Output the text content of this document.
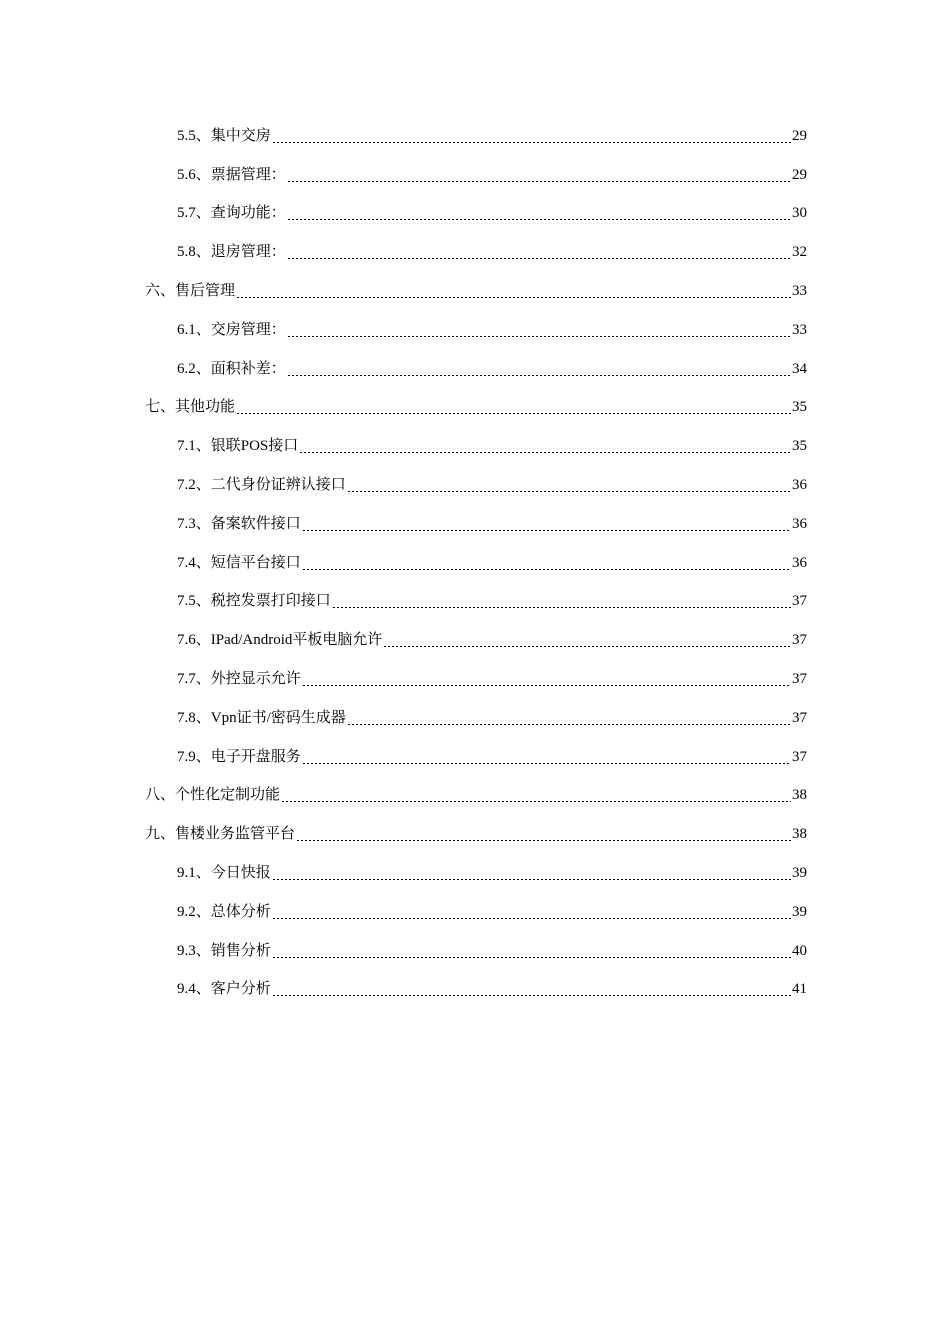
5.5、集中交房	29
5.6、票据管理：	29
5.7、查询功能：	30
5.8、退房管理：	32
六、售后管理	33
6.1、交房管理：	33
6.2、面积补差：	34
七、其他功能	35
7.1、银联POS接口	35
7.2、二代身份证辨认接口	36
7.3、备案软件接口	36
7.4、短信平台接口	36
7.5、税控发票打印接口	37
7.6、IPad/Android平板电脑允许	37
7.7、外控显示允许	37
7.8、Vpn证书/密码生成器	37
7.9、电子开盘服务	37
八、个性化定制功能	38
九、售楼业务监管平台	38
9.1、今日快报	39
9.2、总体分析	39
9.3、销售分析	40
9.4、客户分析	41
